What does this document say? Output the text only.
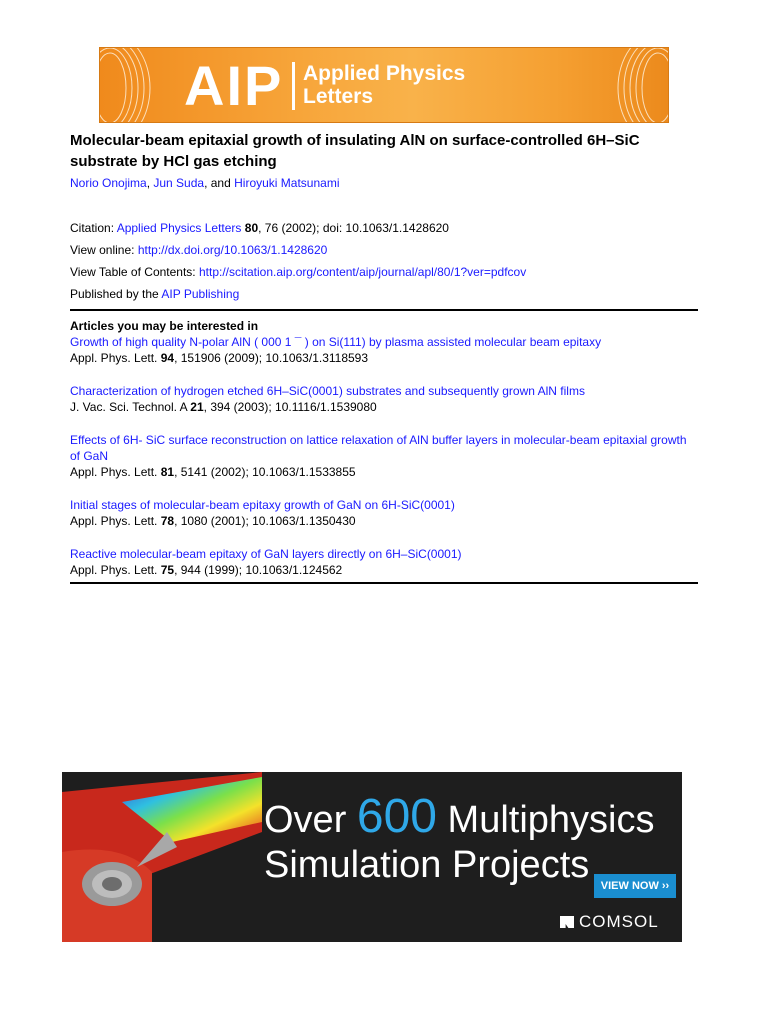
AIP Applied Physics
Letters
Molecular-beam epitaxial growth of insulating AlN on surface-controlled 6H–SiC substrate by HCl gas etching
Norio Onojima, Jun Suda, and Hiroyuki Matsunami
Citation: Applied Physics Letters 80, 76 (2002); doi: 10.1063/1.1428620
View online: http://dx.doi.org/10.1063/1.1428620
View Table of Contents: http://scitation.aip.org/content/aip/journal/apl/80/1?ver=pdfcov
Published by the AIP Publishing
Articles you may be interested in
Growth of high quality N-polar AlN ( 000 1 ¯ ) on Si(111) by plasma assisted molecular beam epitaxy
Appl. Phys. Lett. 94, 151906 (2009); 10.1063/1.3118593
Characterization of hydrogen etched 6H–SiC(0001) substrates and subsequently grown AlN films
J. Vac. Sci. Technol. A 21, 394 (2003); 10.1116/1.1539080
Effects of 6H- SiC surface reconstruction on lattice relaxation of AlN buffer layers in molecular-beam epitaxial growth of GaN
Appl. Phys. Lett. 81, 5141 (2002); 10.1063/1.1533855
Initial stages of molecular-beam epitaxy growth of GaN on 6H-SiC(0001)
Appl. Phys. Lett. 78, 1080 (2001); 10.1063/1.1350430
Reactive molecular-beam epitaxy of GaN layers directly on 6H–SiC(0001)
Appl. Phys. Lett. 75, 944 (1999); 10.1063/1.124562
Over 600 Multiphysics
Simulation Projects	VIEW NOW ››
COMSOL
